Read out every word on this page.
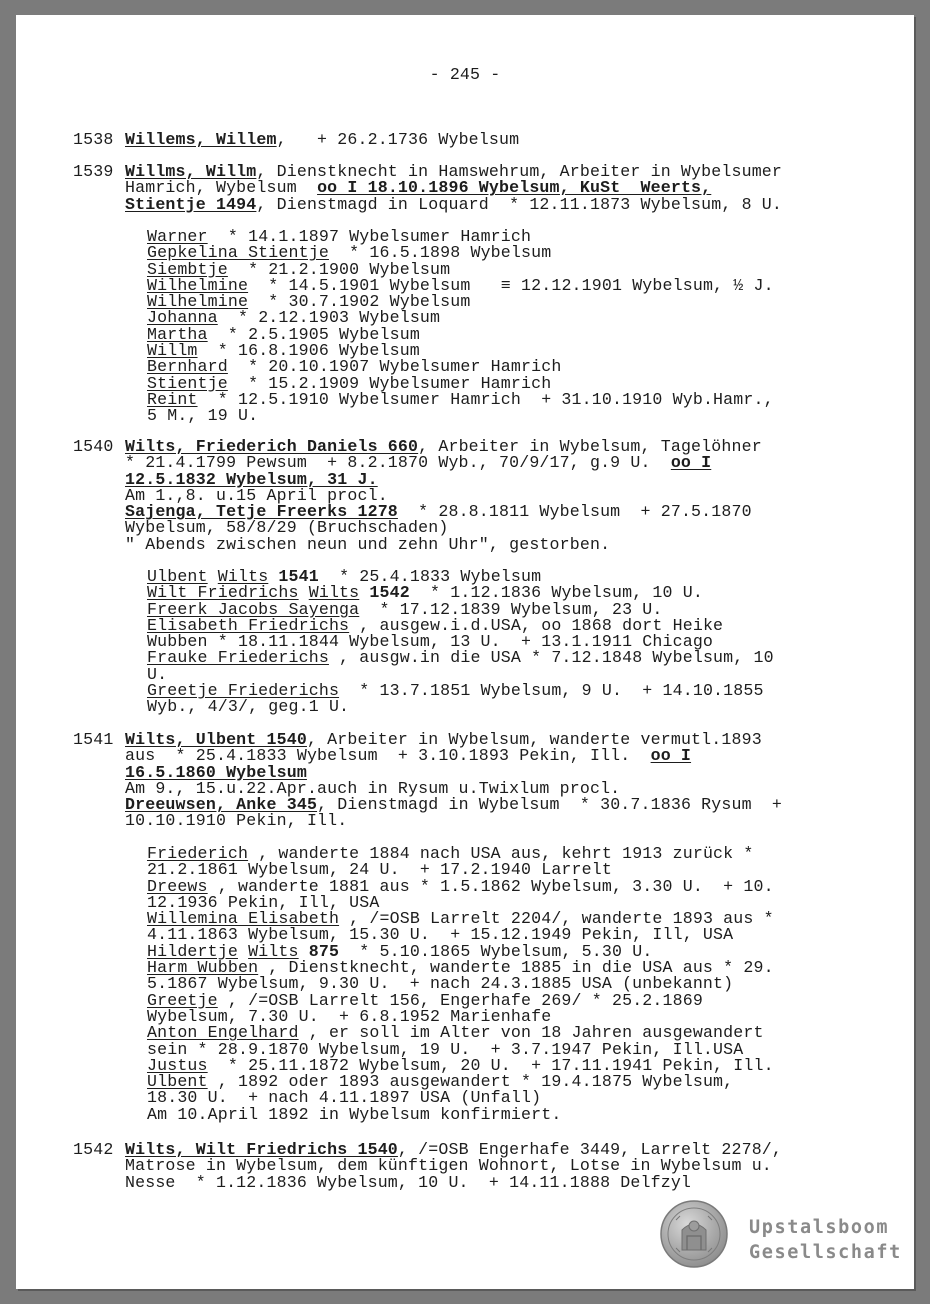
- 245 -
1538 Willems, Willem,   + 26.2.1736 Wybelsum
1539 Willms, Willm, Dienstknecht in Hamswehrum, Arbeiter in Wybelsumer
Hamrich, Wybelsum  oo I 18.10.1896 Wybelsum, KuSt  Weerts,
Stientje 1494, Dienstmagd in Loquard  * 12.11.1873 Wybelsum, 8 U.
Warner  * 14.1.1897 Wybelsumer Hamrich
Gepkelina Stientje  * 16.5.1898 Wybelsum
Siembtje  * 21.2.1900 Wybelsum
Wilhelmine  * 14.5.1901 Wybelsum   ≡ 12.12.1901 Wybelsum, ½ J.
Wilhelmine  * 30.7.1902 Wybelsum
Johanna  * 2.12.1903 Wybelsum
Martha  * 2.5.1905 Wybelsum
Willm  * 16.8.1906 Wybelsum
Bernhard  * 20.10.1907 Wybelsumer Hamrich
Stientje  * 15.2.1909 Wybelsumer Hamrich
Reint  * 12.5.1910 Wybelsumer Hamrich  + 31.10.1910 Wyb.Hamr.,
5 M., 19 U.
1540 Wilts, Friederich Daniels 660, Arbeiter in Wybelsum, Tagelöhner
* 21.4.1799 Pewsum  + 8.2.1870 Wyb., 70/9/17, g.9 U.  oo I
12.5.1832 Wybelsum, 31 J.
Am 1.,8. u.15 April procl.
Sajenga, Tetje Freerks 1278  * 28.8.1811 Wybelsum  + 27.5.1870
Wybelsum, 58/8/29 (Bruchschaden)
" Abends zwischen neun und zehn Uhr", gestorben.
Ulbent Wilts 1541  * 25.4.1833 Wybelsum
Wilt Friedrichs Wilts 1542  * 1.12.1836 Wybelsum, 10 U.
Freerk Jacobs Sayenga  * 17.12.1839 Wybelsum, 23 U.
Elisabeth Friedrichs , ausgew.i.d.USA, oo 1868 dort Heike
Wubben * 18.11.1844 Wybelsum, 13 U.  + 13.1.1911 Chicago
Frauke Friederichs , ausgw.in die USA * 7.12.1848 Wybelsum, 10
U.
Greetje Friederichs  * 13.7.1851 Wybelsum, 9 U.  + 14.10.1855
Wyb., 4/3/, geg.1 U.
1541 Wilts, Ulbent 1540, Arbeiter in Wybelsum, wanderte vermutl.1893
aus  * 25.4.1833 Wybelsum  + 3.10.1893 Pekin, Ill.  oo I
16.5.1860 Wybelsum
Am 9., 15.u.22.Apr.auch in Rysum u.Twixlum procl.
Dreeuwsen, Anke 345, Dienstmagd in Wybelsum  * 30.7.1836 Rysum  +
10.10.1910 Pekin, Ill.
Friederich , wanderte 1884 nach USA aus, kehrt 1913 zurück *
21.2.1861 Wybelsum, 24 U.  + 17.2.1940 Larrelt
Dreews , wanderte 1881 aus * 1.5.1862 Wybelsum, 3.30 U.  + 10.
12.1936 Pekin, Ill, USA
Willemina Elisabeth , /=OSB Larrelt 2204/, wanderte 1893 aus *
4.11.1863 Wybelsum, 15.30 U.  + 15.12.1949 Pekin, Ill, USA
Hildertje Wilts 875  * 5.10.1865 Wybelsum, 5.30 U.
Harm Wubben , Dienstknecht, wanderte 1885 in die USA aus * 29.
5.1867 Wybelsum, 9.30 U.  + nach 24.3.1885 USA (unbekannt)
Greetje , /=OSB Larrelt 156, Engerhafe 269/ * 25.2.1869
Wybelsum, 7.30 U.  + 6.8.1952 Marienhafe
Anton Engelhard , er soll im Alter von 18 Jahren ausgewandert
sein * 28.9.1870 Wybelsum, 19 U.  + 3.7.1947 Pekin, Ill.USA
Justus  * 25.11.1872 Wybelsum, 20 U.  + 17.11.1941 Pekin, Ill.
Ulbent , 1892 oder 1893 ausgewandert * 19.4.1875 Wybelsum,
18.30 U.  + nach 4.11.1897 USA (Unfall)
Am 10.April 1892 in Wybelsum konfirmiert.
1542 Wilts, Wilt Friedrichs 1540, /=OSB Engerhafe 3449, Larrelt 2278/,
Matrose in Wybelsum, dem künftigen Wohnort, Lotse in Wybelsum u.
Nesse  * 1.12.1836 Wybelsum, 10 U.  + 14.11.1888 Delfzyl
Upstalsboom
Gesellschaft
